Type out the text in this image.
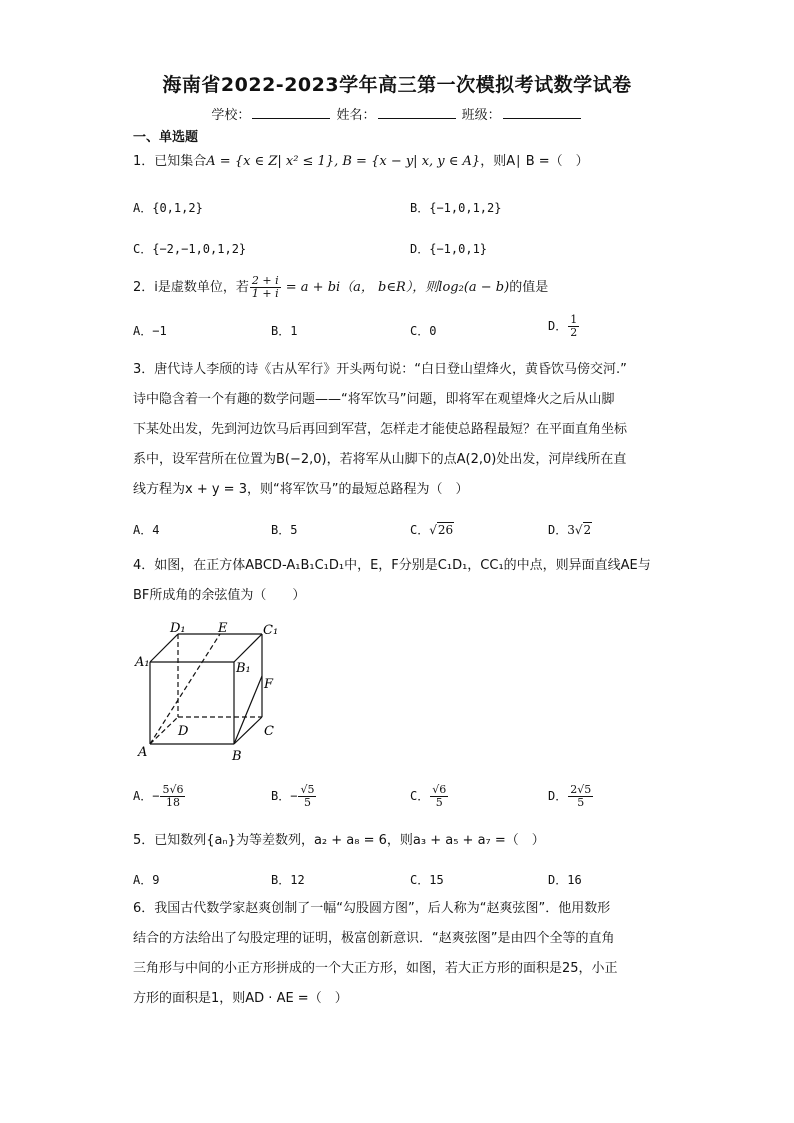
海南省2022-2023学年高三第一次模拟考试数学试卷
学校：	姓名：	班级：
一、单选题
1．已知集合A = {x ∈ Z| x² ≤ 1}, B = {x − y| x, y ∈ A}，则A∣ B =（　）
A．{0,1,2}	B．{−1,0,1,2}
C．{−2,−1,0,1,2}	D．{−1,0,1}
2．i是虚数单位，若 $\frac{2 + i}{1 + i} = a + bi(a$， b∈R），则log₂(a − b)的值是
A．−1	B．1	C．0	D． $\frac{1}{2}$
3．唐代诗人李颀的诗《古从军行》开头两句说：“白日登山望烽火，黄昏饮马傍交河.”
诗中隐含着一个有趣的数学问题——“将军饮马”问题，即将军在观望烽火之后从山脚
下某处出发，先到河边饮马后再回到军营，怎样走才能使总路程最短？在平面直角坐标
系中，设军营所在位置为B(−2,0)，若将军从山脚下的点A(2,0)处出发，河岸线所在直
线方程为x + y = 3，则“将军饮马”的最短总路程为（　）
A．4	B．5	C．√26	D．3√2
4．如图，在正方体ABCD-A₁B₁C₁D₁中，E，F分别是C₁D₁，CC₁的中点，则异面直线AE与
BF所成角的余弦值为（　　）
D₁ E	C₁
A₁	B₁
F
D	C
A	B
A．− $\frac{5√6}{18}$	B．− $\frac{√5}{5}$	C． $\frac{√6}{5}$	D． $\frac{2√5}{5}$
5．已知数列{aₙ}为等差数列，a₂ + a₈ = 6，则a₃ + a₅ + a₇ =（　）
A．9	B．12	C．15	D．16
6．我国古代数学家赵爽创制了一幅“勾股圆方图”，后人称为“赵爽弦图”．他用数形
结合的方法给出了勾股定理的证明，极富创新意识．“赵爽弦图”是由四个全等的直角
三角形与中间的小正方形拼成的一个大正方形，如图，若大正方形的面积是25，小正
方形的面积是1，则AD · AE =（　）
